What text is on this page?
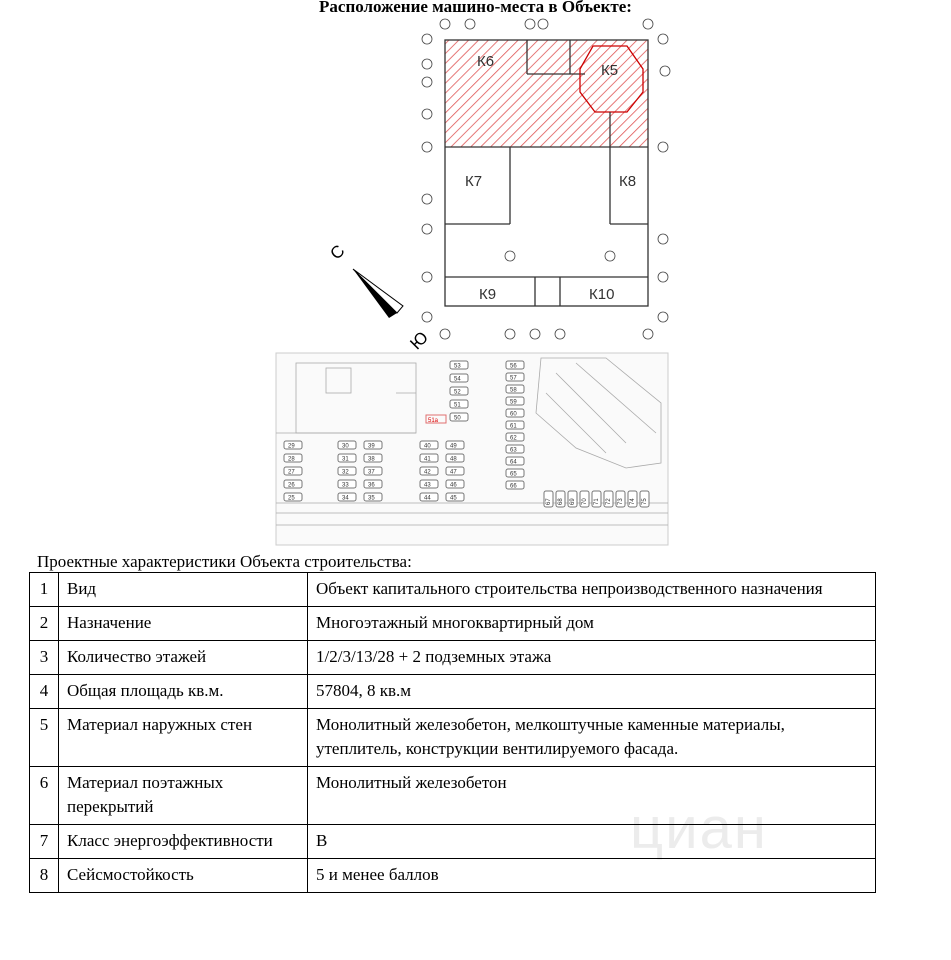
Расположение машино-места в Объекте:
К6
К5
К7	К8
К9	К10
С
Ю
51a
29
28
27
26
25
30
31
32
33
34
39
38
37
36
35
40
41
42
43
44
49
48
47
46
45
53
54
52
51
50
56
57
58
59
60
61
62
63
64
65
66
67 68 69 70 71 72 73 74 75
Проектные характеристики Объекта строительства:
циан
1	Вид	Объект капитального строительства непроизводственного назначения
2	Назначение	Многоэтажный многоквартирный дом
3	Количество этажей	1/2/3/13/28 + 2 подземных этажа
4	Общая площадь кв.м.	57804, 8 кв.м
5	Материал наружных стен	Монолитный железобетон, мелкоштучные каменные материалы, утеплитель, конструкции вентилируемого фасада.
6	Материал поэтажных перекрытий	Монолитный железобетон
7	Класс энергоэффективности	В
8	Сейсмостойкость	5 и менее баллов
